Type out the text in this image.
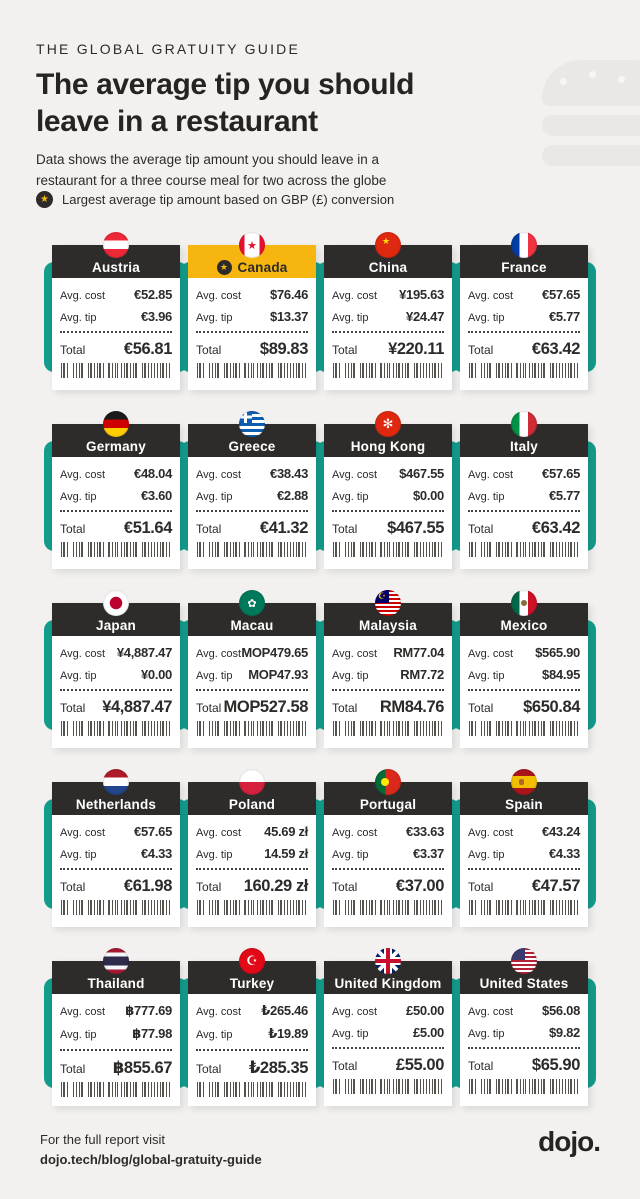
THE GLOBAL GRATUITY GUIDE
The average tip you should
leave in a restaurant
Data shows the average tip amount you should leave in a
restaurant for a three course meal for two across the globe
★ Largest average tip amount based on GBP (£) conversion
Austria
Avg. cost €52.85
Avg. tip	€3.96
Total €56.81
★
★ Canada
Avg. cost $76.46
Avg. tip	$13.37
Total $89.83
★
China
Avg. cost ¥195.63
Avg. tip	¥24.47
Total ¥220.11
France
Avg. cost €57.65
Avg. tip	€5.77
Total €63.42
Germany
Avg. cost €48.04
Avg. tip	€3.60
Total €51.64
Greece
Avg. cost €38.43
Avg. tip	€2.88
Total €41.32
✻
Hong Kong
Avg. cost $467.55
Avg. tip	$0.00
Total $467.55
Italy
Avg. cost €57.65
Avg. tip	€5.77
Total €63.42
Japan
Avg. cost ¥4,887.47
Avg. tip	¥0.00
Total ¥4,887.47
✿
Macau
Avg. cost MOP479.65
Avg. tip MOP47.93
Total MOP527.58
☪
Malaysia
Avg. cost RM77.04
Avg. tip RM7.72
Total RM84.76
Mexico
Avg. cost $565.90
Avg. tip	$84.95
Total $650.84
Netherlands
Avg. cost €57.65
Avg. tip	€4.33
Total €61.98
Poland
Avg. cost 45.69 zł
Avg. tip 14.59 zł
Total 160.29 zł
Portugal
Avg. cost €33.63
Avg. tip	€3.37
Total €37.00
Spain
Avg. cost €43.24
Avg. tip	€4.33
Total €47.57
Thailand
Avg. cost ฿777.69
Avg. tip	฿77.98
Total ฿855.67
☪
Turkey
Avg. cost ₺265.46
Avg. tip	₺19.89
Total ₺285.35
United Kingdom
Avg. cost £50.00
Avg. tip	£5.00
Total £55.00
United States
Avg. cost $56.08
Avg. tip	$9.82
Total $65.90
For the full report visit
dojo.tech/blog/global-gratuity-guide
dojo.
